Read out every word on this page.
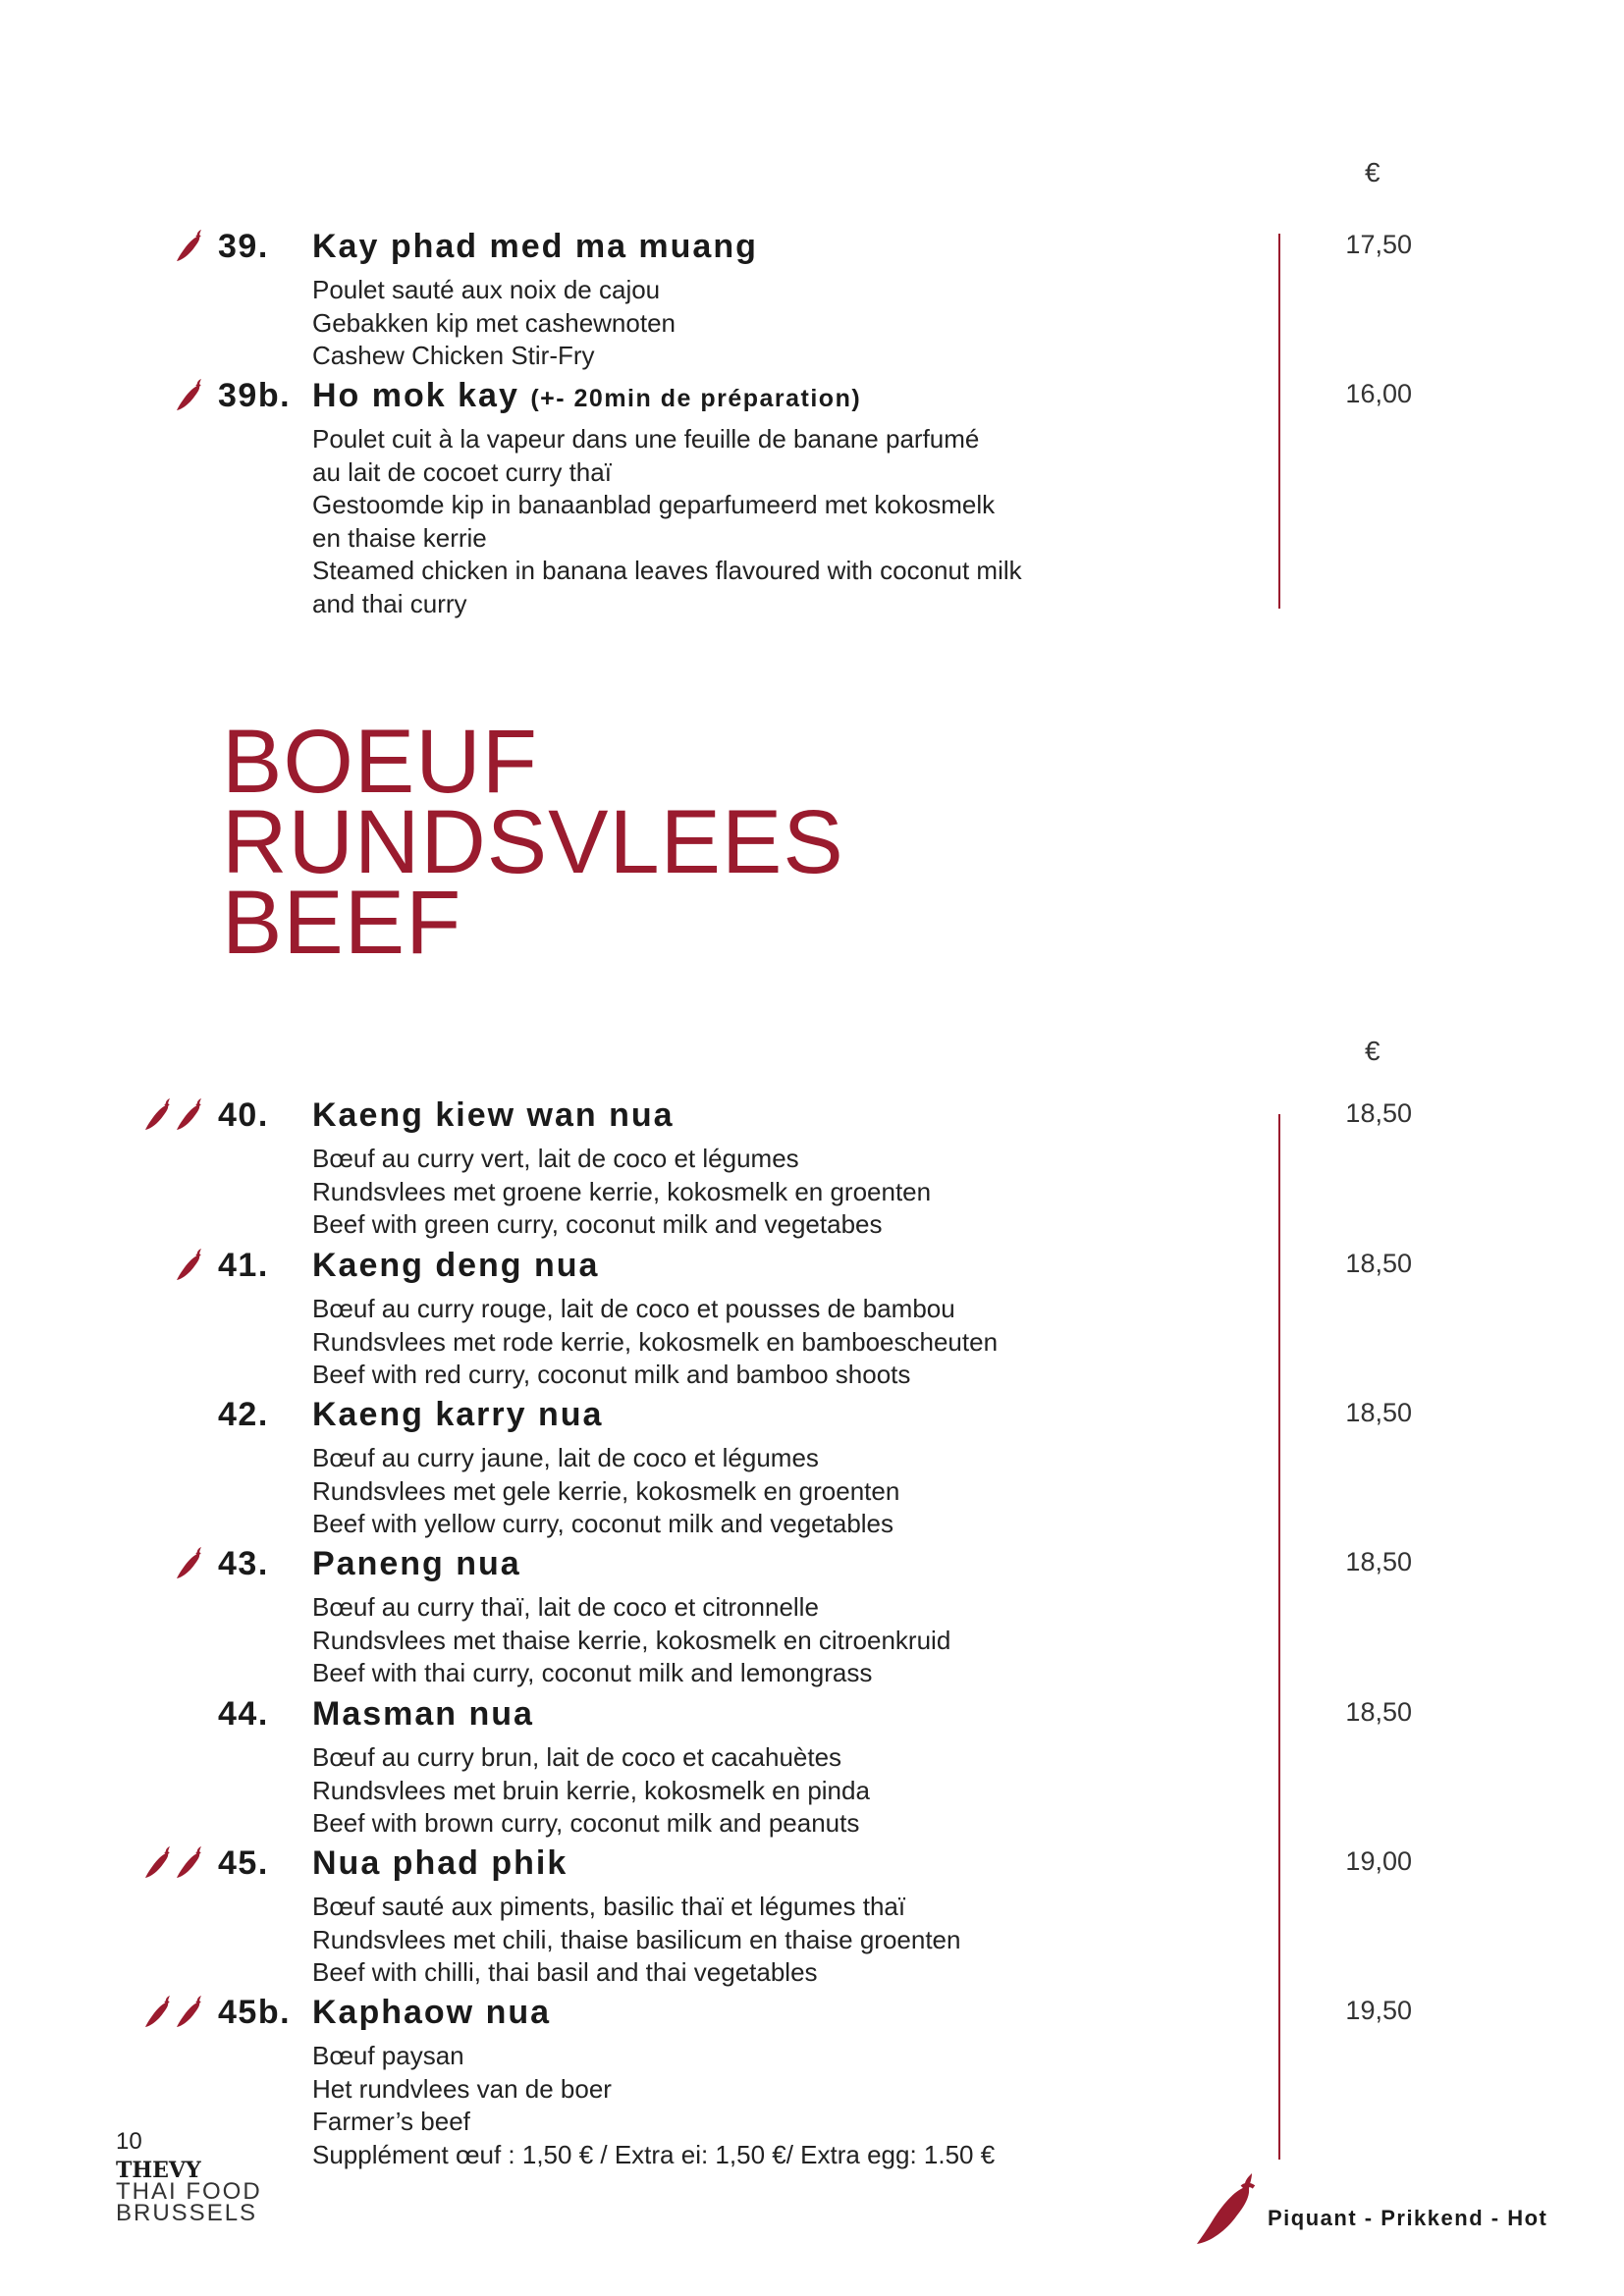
€
€
39. Kay phad med ma muang
Poulet sauté aux noix de cajou
Gebakken kip met cashewnoten
Cashew Chicken Stir-Fry
17,50
39b. Ho mok kay (+- 20min de préparation)
Poulet cuit à la vapeur dans une feuille de banane parfumé
au lait de cocoet curry thaï
Gestoomde kip in banaanblad geparfumeerd met kokosmelk
en thaise kerrie
Steamed chicken in banana leaves flavoured with coconut milk
and thai curry
16,00
BOEUF
RUNDSVLEES
BEEF
40. Kaeng kiew wan nua
Bœuf au curry vert, lait de coco et légumes
Rundsvlees met groene kerrie, kokosmelk en groenten
Beef with green curry, coconut milk and vegetabes
18,50
41. Kaeng deng nua
Bœuf au curry rouge, lait de coco et pousses de bambou
Rundsvlees met rode kerrie, kokosmelk en bamboescheuten
Beef with red curry, coconut milk and bamboo shoots
18,50
42. Kaeng karry nua
Bœuf au curry jaune, lait de coco et légumes
Rundsvlees met gele kerrie, kokosmelk en groenten
Beef with yellow curry, coconut milk and vegetables
18,50
43. Paneng nua
Bœuf au curry thaï, lait de coco et citronnelle
Rundsvlees met thaise kerrie, kokosmelk en citroenkruid
Beef with thai curry, coconut milk and lemongrass
18,50
44. Masman nua
Bœuf au curry brun, lait de coco et cacahuètes
Rundsvlees met bruin kerrie, kokosmelk en pinda
Beef with brown curry, coconut milk and peanuts
18,50
45. Nua phad phik
Bœuf sauté aux piments, basilic thaï et légumes thaï
Rundsvlees met chili, thaise basilicum en thaise groenten
Beef with chilli, thai basil and thai vegetables
19,00
45b. Kaphaow nua
Bœuf paysan
Het rundvlees van de boer
Farmer’s beef
Supplément œuf : 1,50 € / Extra ei: 1,50 €/ Extra egg: 1.50 €
19,50
10
THEVY
THAI FOOD
BRUSSELS	Piquant - Prikkend - Hot
